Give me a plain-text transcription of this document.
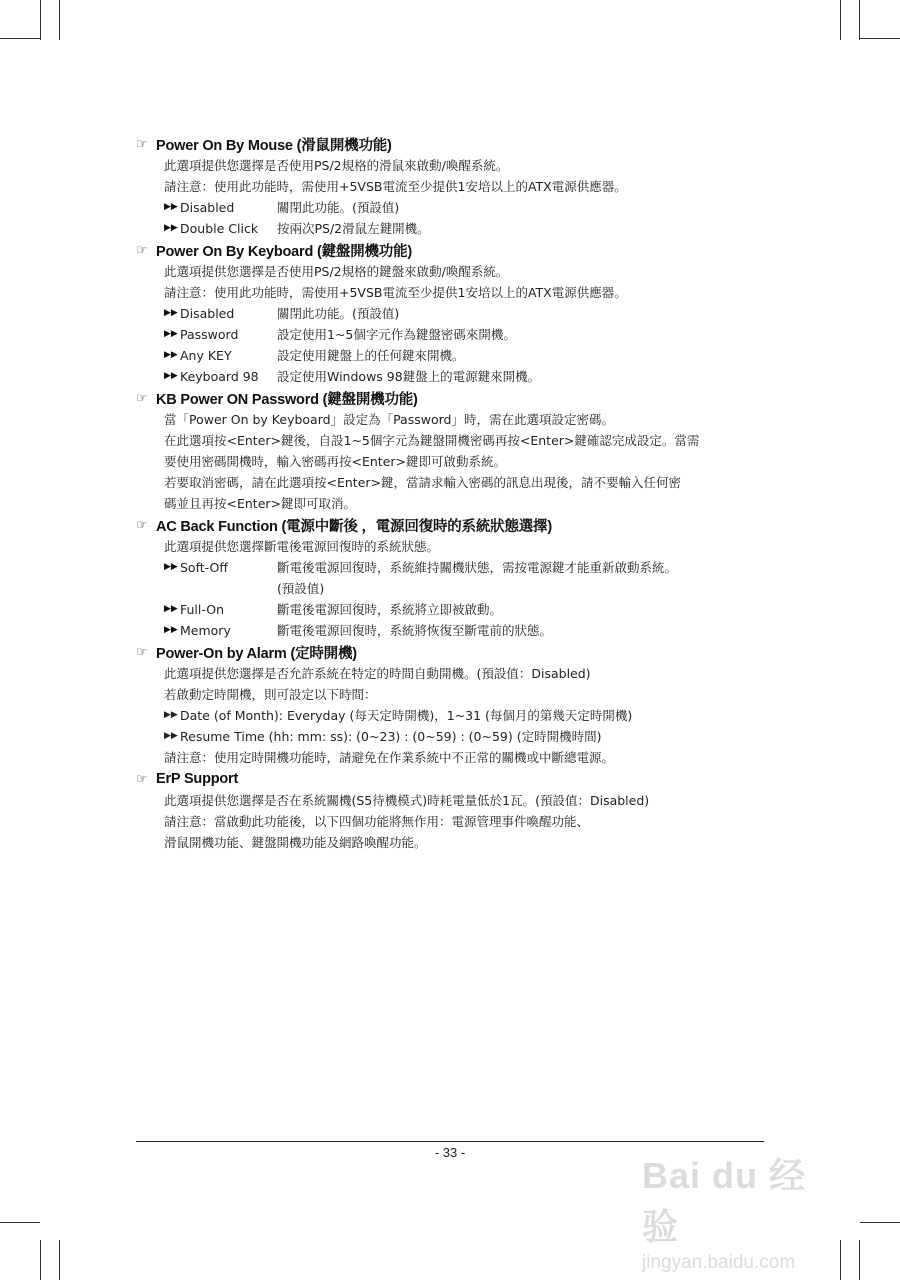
☞ Power On By Mouse (滑鼠開機功能)
此選項提供您選擇是否使用PS/2規格的滑鼠來啟動/喚醒系統。
請注意：使用此功能時，需使用+5VSB電流至少提供1安培以上的ATX電源供應器。
▶▶ Disabled	關閉此功能。(預設值)
▶▶ Double Click	按兩次PS/2滑鼠左鍵開機。
☞ Power On By Keyboard (鍵盤開機功能)
此選項提供您選擇是否使用PS/2規格的鍵盤來啟動/喚醒系統。
請注意：使用此功能時，需使用+5VSB電流至少提供1安培以上的ATX電源供應器。
▶▶ Disabled	關閉此功能。(預設值)
▶▶ Password	設定使用1~5個字元作為鍵盤密碼來開機。
▶▶ Any KEY	設定使用鍵盤上的任何鍵來開機。
▶▶ Keyboard 98	設定使用Windows 98鍵盤上的電源鍵來開機。
☞ KB Power ON Password (鍵盤開機功能)
當「Power On by Keyboard」設定為「Password」時，需在此選項設定密碼。
在此選項按<Enter>鍵後，自設1~5個字元為鍵盤開機密碼再按<Enter>鍵確認完成設定。當需
要使用密碼開機時，輸入密碼再按<Enter>鍵即可啟動系統。
若要取消密碼，請在此選項按<Enter>鍵，當請求輸入密碼的訊息出現後，請不要輸入任何密
碼並且再按<Enter>鍵即可取消。
☞ AC Back Function (電源中斷後 ，電源回復時的系統狀態選擇)
此選項提供您選擇斷電後電源回復時的系統狀態。
▶▶ Soft-Off	斷電後電源回復時，系統維持關機狀態，需按電源鍵才能重新啟動系統。
(預設值)
▶▶ Full-On	斷電後電源回復時，系統將立即被啟動。
▶▶ Memory	斷電後電源回復時，系統將恢復至斷電前的狀態。
☞ Power-On by Alarm (定時開機)
此選項提供您選擇是否允許系統在特定的時間自動開機。(預設值：Disabled)
若啟動定時開機，則可設定以下時間：
▶▶ Date (of Month): Everyday (每天定時開機)，1~31 (每個月的第幾天定時開機)
▶▶ Resume Time (hh: mm: ss): (0~23) : (0~59) : (0~59) (定時開機時間)
請注意：使用定時開機功能時，請避免在作業系統中不正常的關機或中斷總電源。
☞ ErP Support
此選項提供您選擇是否在系統關機(S5待機模式)時耗電量低於1瓦。(預設值：Disabled)
請注意：當啟動此功能後，以下四個功能將無作用：電源管理事件喚醒功能、
滑鼠開機功能、鍵盤開機功能及網路喚醒功能。
- 33 -
Bai du 经验
jingyan.baidu.com
